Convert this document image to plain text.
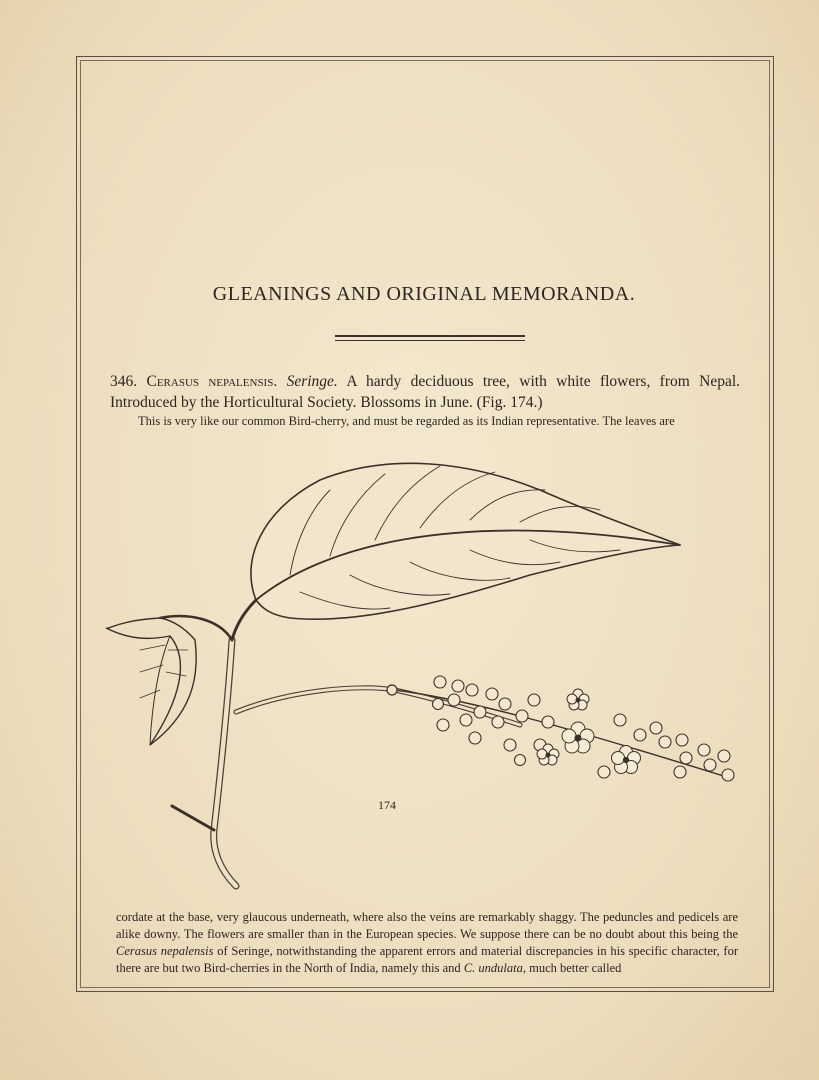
GLEANINGS AND ORIGINAL MEMORANDA.
346. Cerasus nepalensis. Seringe. A hardy deciduous tree, with white flowers, from Nepal. Introduced by the Horticultural Society. Blossoms in June. (Fig. 174.)
This is very like our common Bird-cherry, and must be regarded as its Indian representative. The leaves are
174
cordate at the base, very glaucous underneath, where also the veins are remarkably shaggy. The peduncles and pedicels are alike downy. The flowers are smaller than in the European species. We suppose there can be no doubt about this being the Cerasus nepalensis of Seringe, notwithstanding the apparent errors and material discrepancies in his specific character, for there are but two Bird-cherries in the North of India, namely this and C. undulata, much better called
